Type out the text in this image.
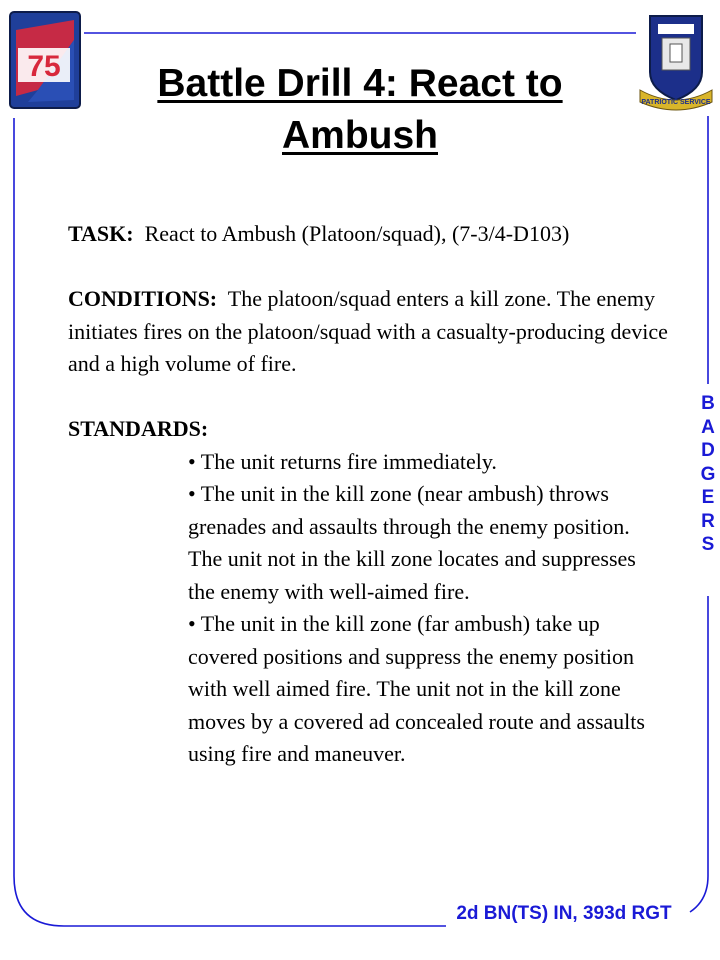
75
PATRIOTIC SERVICE
Battle Drill 4: React to Ambush

TASK: React to Ambush (Platoon/squad), (7-3/4-D103)

CONDITIONS: The platoon/squad enters a kill zone. The enemy initiates fires on the platoon/squad with a casualty-producing device and a high volume of fire.

STANDARDS:

• The unit returns fire immediately.
• The unit in the kill zone (near ambush) throws grenades and assaults through the enemy position. The unit not in the kill zone locates and suppresses the enemy with well-aimed fire.
• The unit in the kill zone (far ambush) take up covered positions and suppress the enemy position with well aimed fire. The unit not in the kill zone moves by a covered ad concealed route and assaults using fire and maneuver.
B
A
D
G
E
R
S
2d BN(TS) IN, 393d RGT
